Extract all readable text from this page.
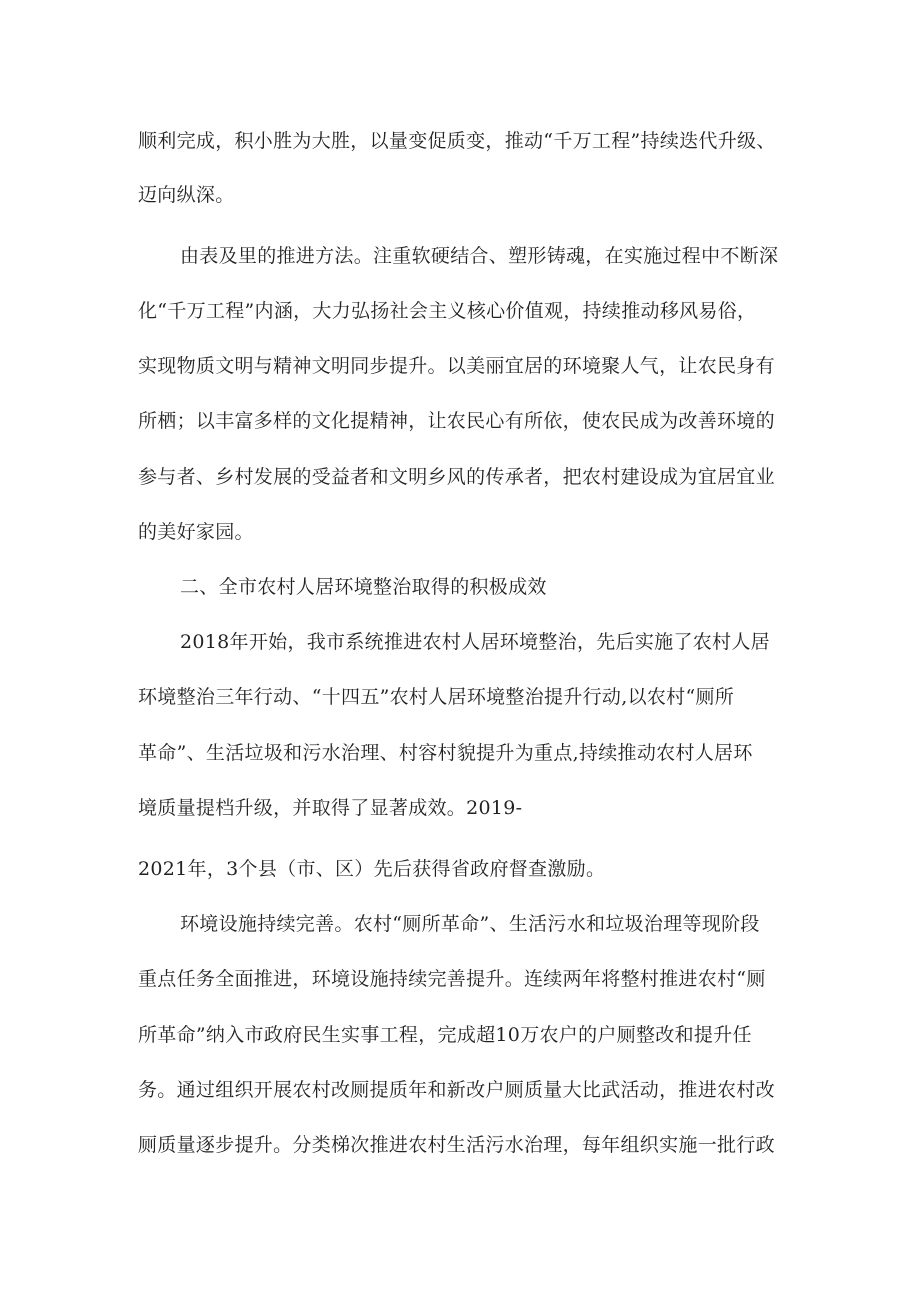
顺利完成，积小胜为大胜，以量变促质变，推动“千万工程”持续迭代升级、
迈向纵深。
由表及里的推进方法。注重软硬结合、塑形铸魂，在实施过程中不断深
化“千万工程”内涵，大力弘扬社会主义核心价值观，持续推动移风易俗，
实现物质文明与精神文明同步提升。以美丽宜居的环境聚人气，让农民身有
所栖；以丰富多样的文化提精神，让农民心有所依，使农民成为改善环境的
参与者、乡村发展的受益者和文明乡风的传承者，把农村建设成为宜居宜业
的美好家园。
二、全市农村人居环境整治取得的积极成效
2018年开始，我市系统推进农村人居环境整治，先后实施了农村人居
环境整治三年行动、“十四五”农村人居环境整治提升行动,以农村“厕所
革命”、生活垃圾和污水治理、村容村貌提升为重点,持续推动农村人居环
境质量提档升级，并取得了显著成效。2019-
2021年，3个县（市、区）先后获得省政府督查激励。
环境设施持续完善。农村“厕所革命”、生活污水和垃圾治理等现阶段
重点任务全面推进，环境设施持续完善提升。连续两年将整村推进农村“厕
所革命”纳入市政府民生实事工程，完成超10万农户的户厕整改和提升任
务。通过组织开展农村改厕提质年和新改户厕质量大比武活动，推进农村改
厕质量逐步提升。分类梯次推进农村生活污水治理，每年组织实施一批行政
